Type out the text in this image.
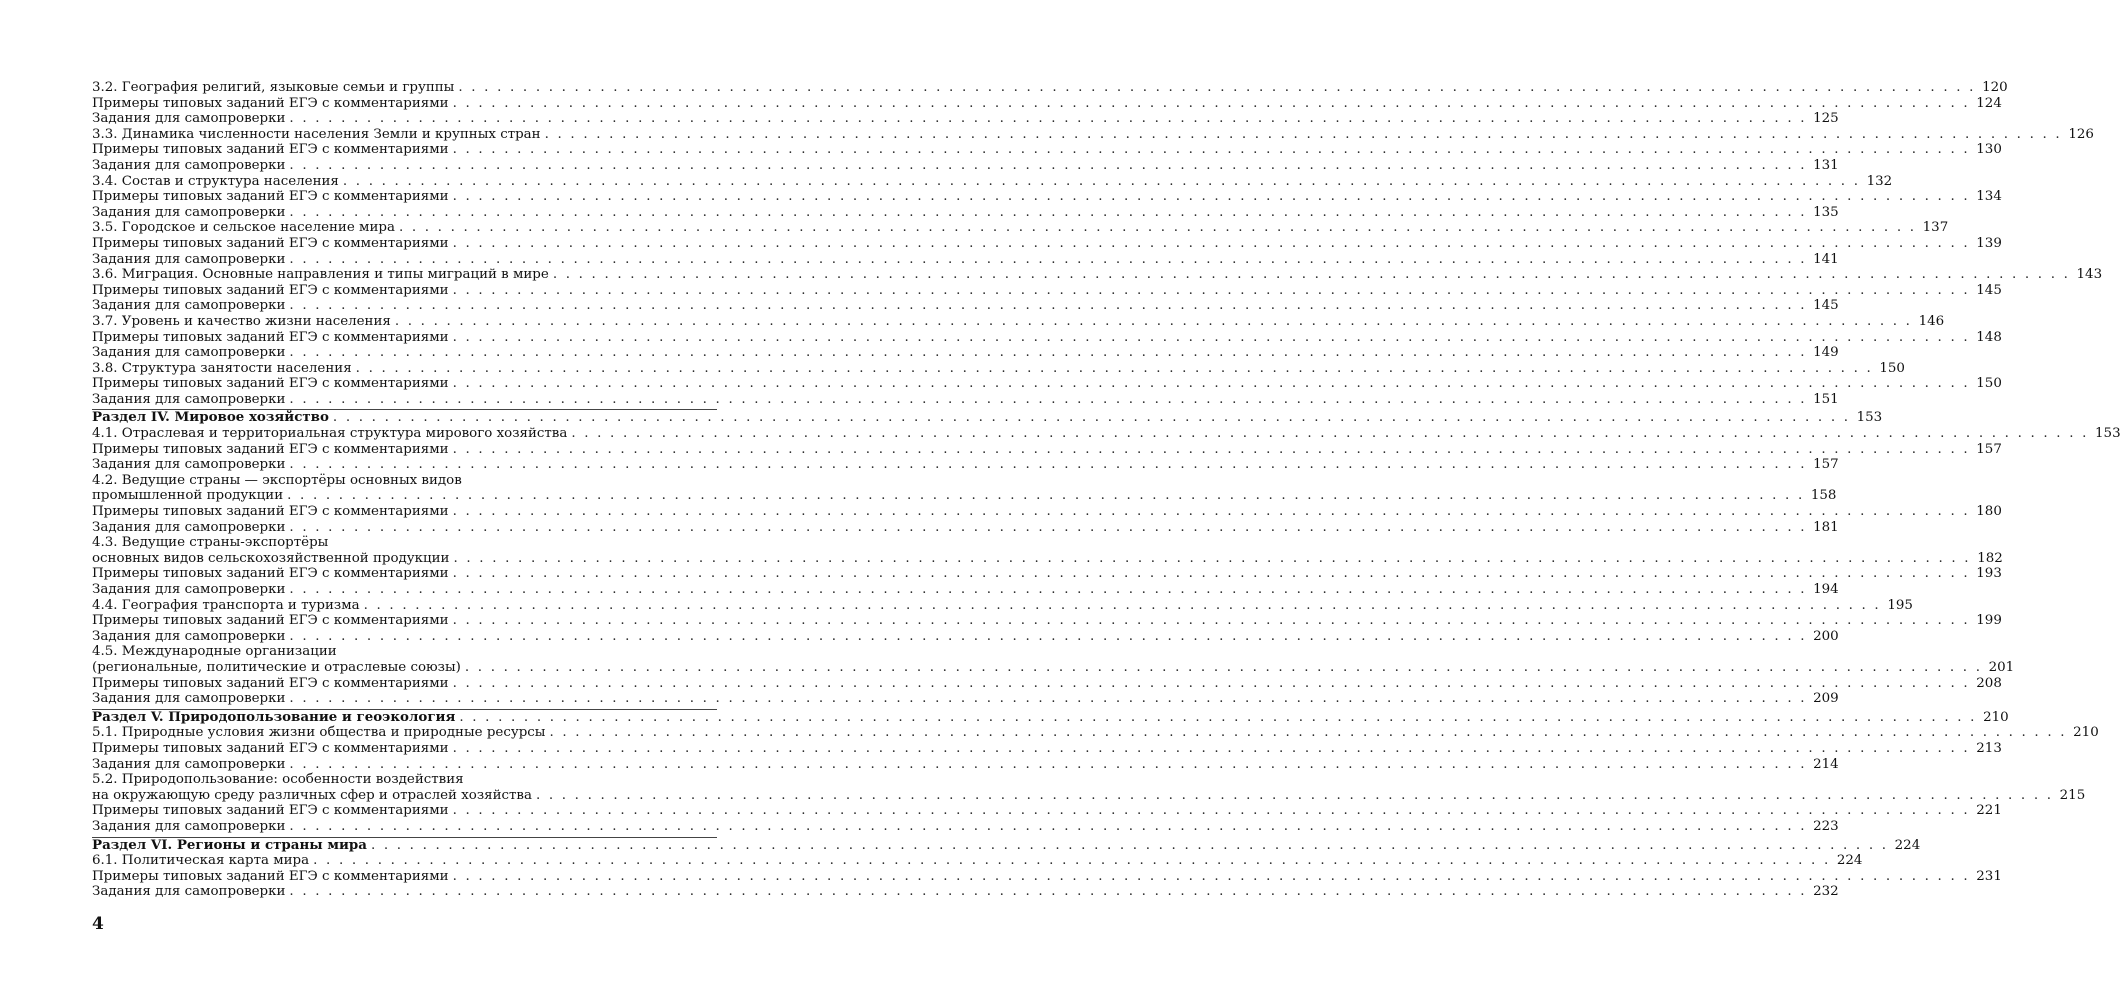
3.2. География религий, языковые семьи и группы . . .	120
Примеры типовых заданий ЕГЭ с комментариями . . .	124
Задания для самопроверки . . .	125
3.3. Динамика численности населения Земли и крупных стран . . .	126
Примеры типовых заданий ЕГЭ с комментариями . . .	130
Задания для самопроверки . . .	131
3.4. Состав и структура населения . . .	132
Примеры типовых заданий ЕГЭ с комментариями . . .	134
Задания для самопроверки . . .	135
3.5. Городское и сельское население мира . . .	137
Примеры типовых заданий ЕГЭ с комментариями . . .	139
Задания для самопроверки . . .	141
3.6. Миграция. Основные направления и типы миграций в мире . . .	143
Примеры типовых заданий ЕГЭ с комментариями . . .	145
Задания для самопроверки . . .	145
3.7. Уровень и качество жизни населения . . .	146
Примеры типовых заданий ЕГЭ с комментариями . . .	148
Задания для самопроверки . . .	149
3.8. Структура занятости населения . . .	150
Примеры типовых заданий ЕГЭ с комментариями . . .	150
Задания для самопроверки . . .	151
Раздел IV. Мировое хозяйство . . .	153
4.1. Отраслевая и территориальная структура мирового хозяйства . . .	153
Примеры типовых заданий ЕГЭ с комментариями . . .	157
Задания для самопроверки . . .	157
4.2. Ведущие страны — экспортёры основных видов
промышленной продукции . . .	158
Примеры типовых заданий ЕГЭ с комментариями . . .	180
Задания для самопроверки . . .	181
4.3. Ведущие страны-экспортёры
основных видов сельскохозяйственной продукции . . .	182
Примеры типовых заданий ЕГЭ с комментариями . . .	193
Задания для самопроверки . . .	194
4.4. География транспорта и туризма . . .	195
Примеры типовых заданий ЕГЭ с комментариями . . .	199
Задания для самопроверки . . .	200
4.5. Международные организации
(региональные, политические и отраслевые союзы) . . .	201
Примеры типовых заданий ЕГЭ с комментариями . . .	208
Задания для самопроверки . . .	209
Раздел V. Природопользование и геоэкология . . .	210
5.1. Природные условия жизни общества и природные ресурсы . . .	210
Примеры типовых заданий ЕГЭ с комментариями . . .	213
Задания для самопроверки . . .	214
5.2. Природопользование: особенности воздействия
на окружающую среду различных сфер и отраслей хозяйства . . .	215
Примеры типовых заданий ЕГЭ с комментариями . . .	221
Задания для самопроверки . . .	223
Раздел VI. Регионы и страны мира . . .	224
6.1. Политическая карта мира . . .	224
Примеры типовых заданий ЕГЭ с комментариями . . .	231
Задания для самопроверки . . .	232
4
